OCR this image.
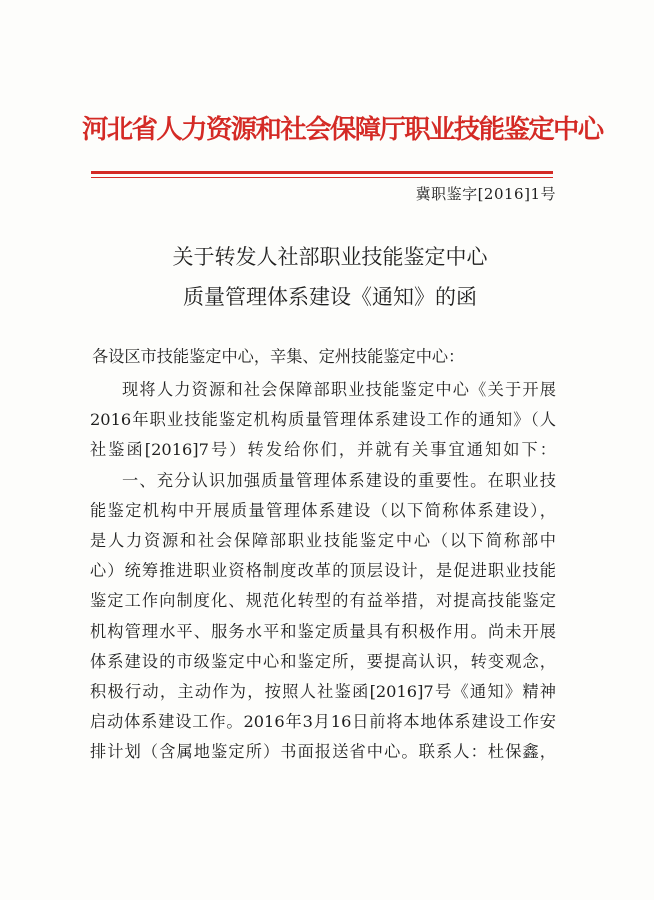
河北省人力资源和社会保障厅职业技能鉴定中心
冀职鉴字[2016]1号
关于转发人社部职业技能鉴定中心
质量管理体系建设《通知》的函
各设区市技能鉴定中心，辛集、定州技能鉴定中心：
现将人力资源和社会保障部职业技能鉴定中心《关于开展
2016年职业技能鉴定机构质量管理体系建设工作的通知》（人
社鉴函[2016]7号）转发给你们，并就有关事宜通知如下：
一、充分认识加强质量管理体系建设的重要性。在职业技
能鉴定机构中开展质量管理体系建设（以下简称体系建设），
是人力资源和社会保障部职业技能鉴定中心（以下简称部中
心）统筹推进职业资格制度改革的顶层设计，是促进职业技能
鉴定工作向制度化、规范化转型的有益举措，对提高技能鉴定
机构管理水平、服务水平和鉴定质量具有积极作用。尚未开展
体系建设的市级鉴定中心和鉴定所，要提高认识，转变观念，
积极行动，主动作为，按照人社鉴函[2016]7号《通知》精神
启动体系建设工作。2016年3月16日前将本地体系建设工作安
排计划（含属地鉴定所）书面报送省中心。联系人：杜保鑫，
